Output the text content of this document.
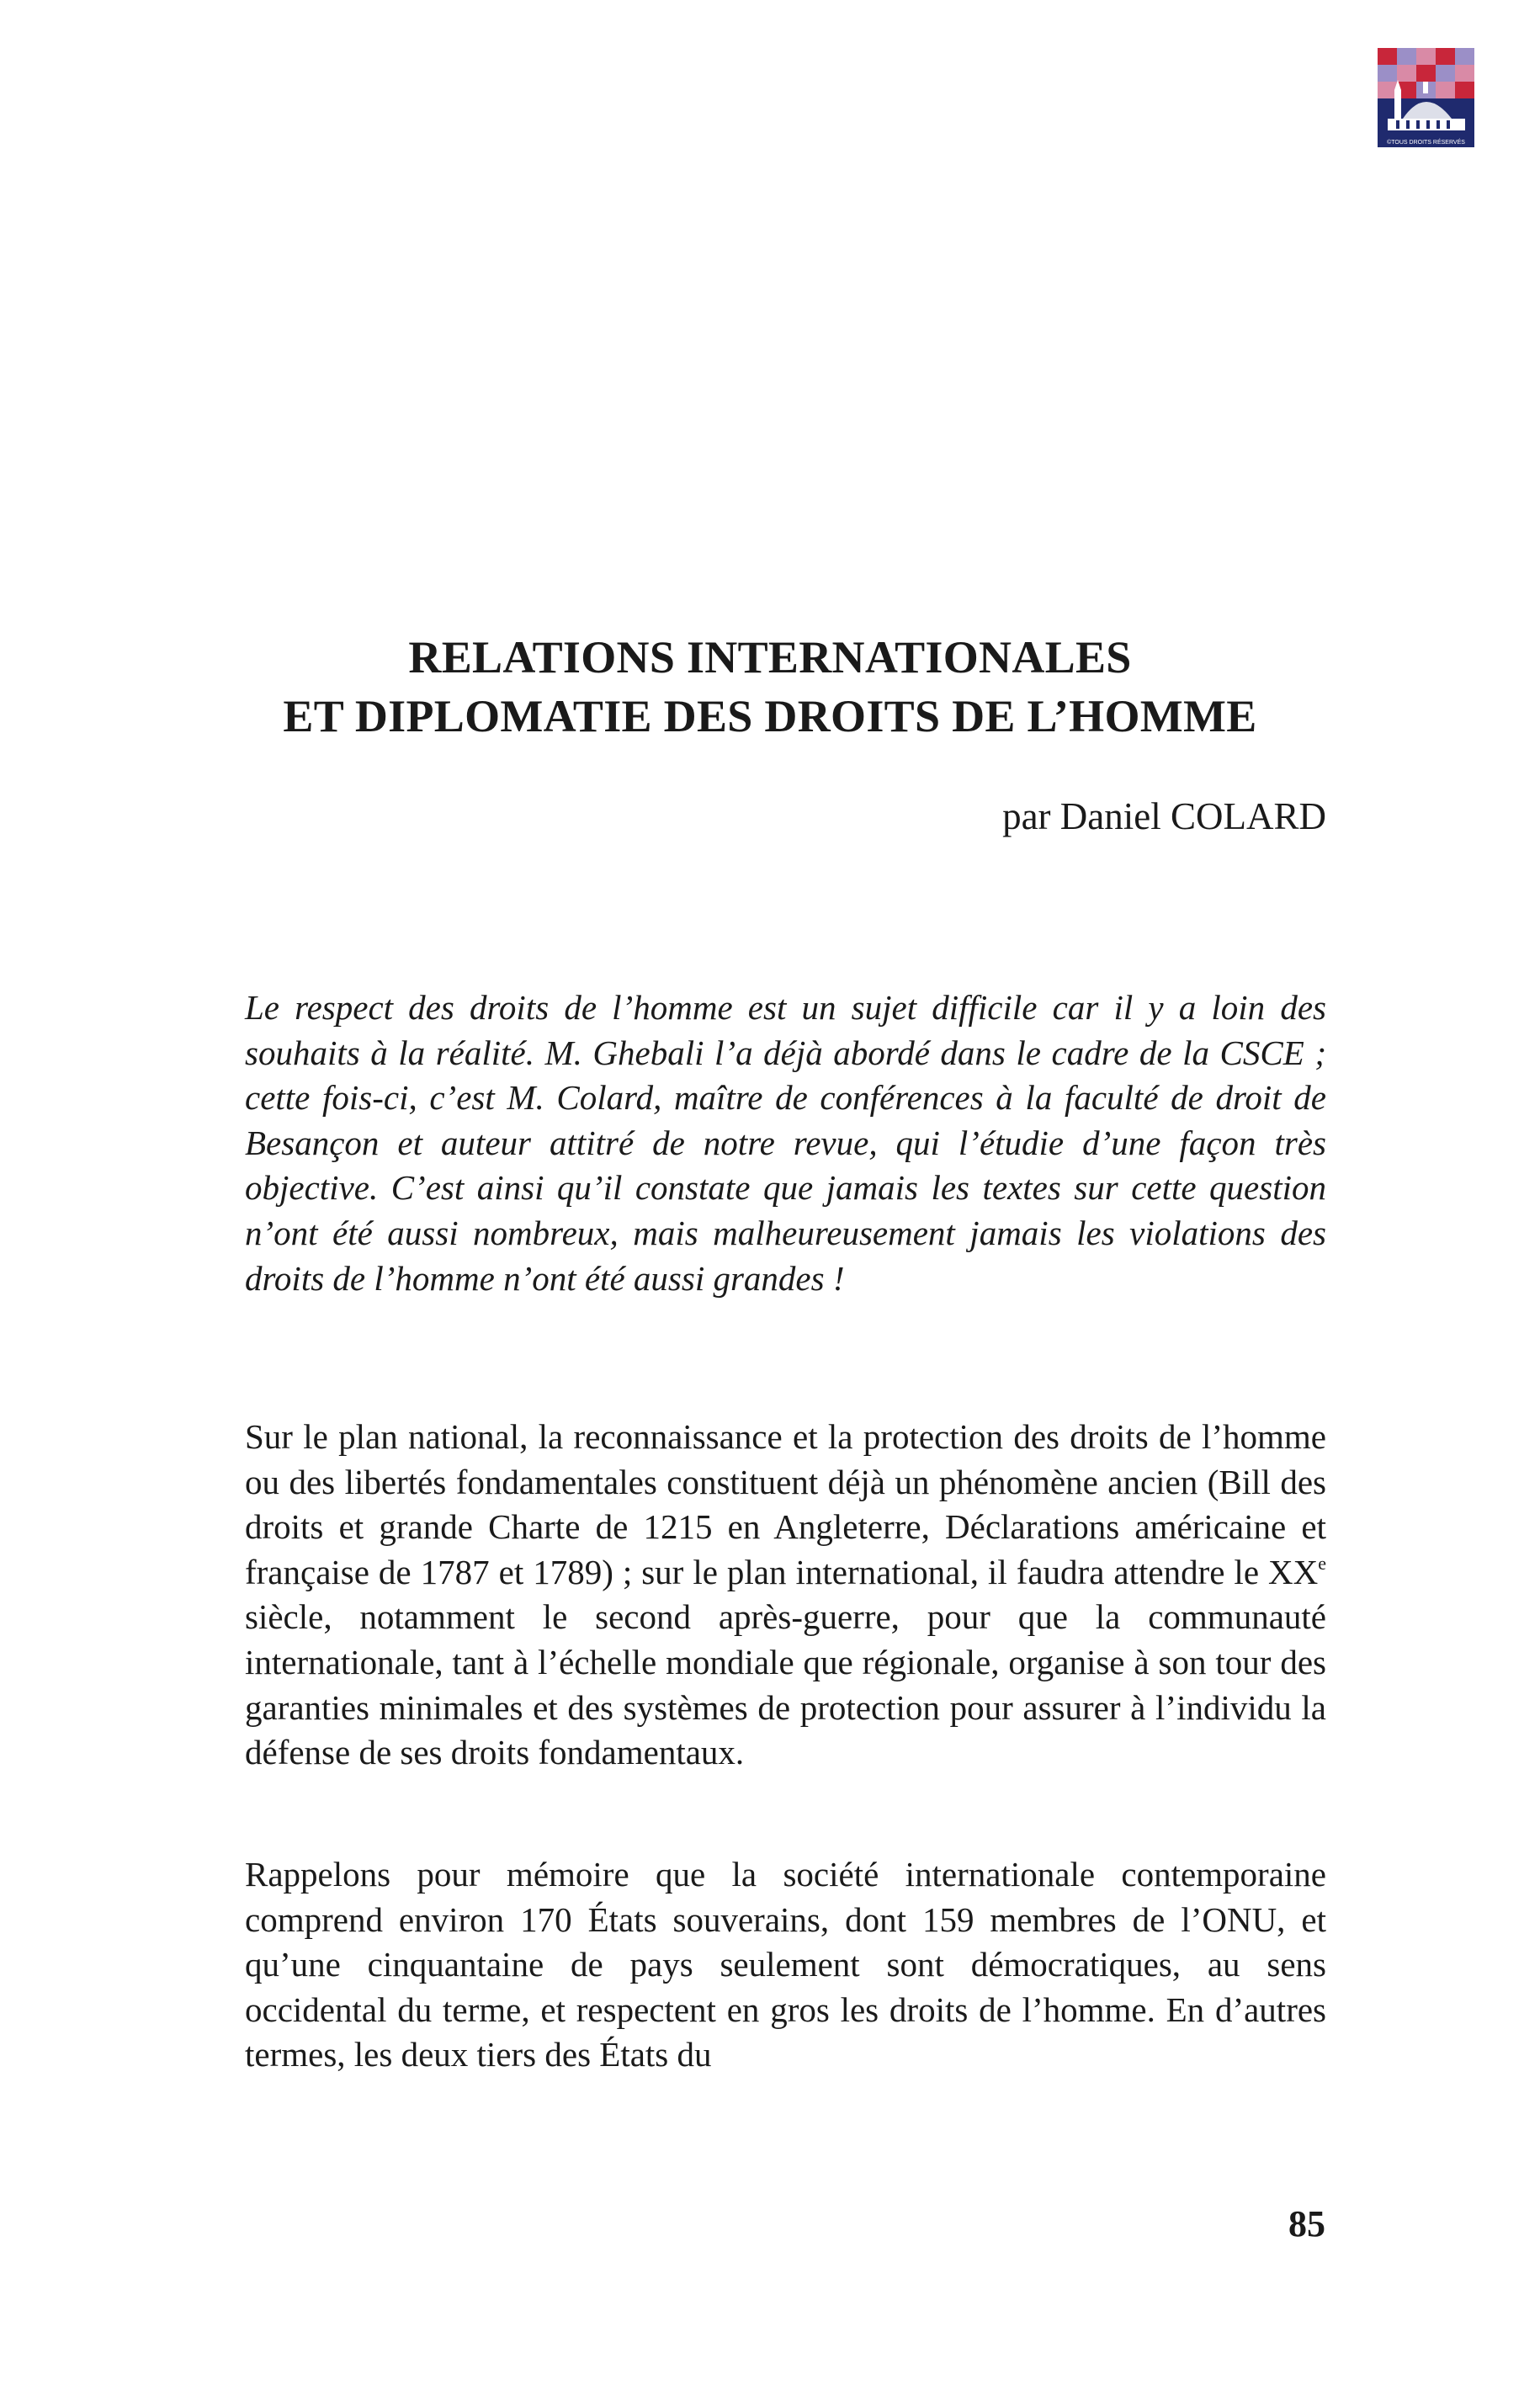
©TOUS DROITS RÉSERVÉS
RELATIONS INTERNATIONALES
ET DIPLOMATIE DES DROITS DE L’HOMME
par Daniel COLARD

Le respect des droits de l’homme est un sujet difficile car il y a loin des souhaits à la réalité. M. Ghebali l’a déjà abordé dans le cadre de la CSCE ; cette fois-ci, c’est M. Colard, maître de conférences à la faculté de droit de Besançon et auteur attitré de notre revue, qui l’étudie d’une façon très objective. C’est ainsi qu’il constate que jamais les textes sur cette question n’ont été aussi nombreux, mais malheureusement jamais les violations des droits de l’homme n’ont été aussi grandes !

Sur le plan national, la reconnaissance et la protection des droits de l’homme ou des libertés fondamentales constituent déjà un phénomène ancien (Bill des droits et grande Charte de 1215 en Angleterre, Déclarations américaine et française de 1787 et 1789) ; sur le plan international, il faudra attendre le XXe siècle, notamment le second après-guerre, pour que la communauté internationale, tant à l’échelle mondiale que régionale, organise à son tour des garanties minimales et des systèmes de protection pour assurer à l’individu la défense de ses droits fondamentaux.

Rappelons pour mémoire que la société internationale contemporaine comprend environ 170 États souverains, dont 159 membres de l’ONU, et qu’une cinquantaine de pays seulement sont démocratiques, au sens occidental du terme, et respectent en gros les droits de l’homme. En d’autres termes, les deux tiers des États du

85
